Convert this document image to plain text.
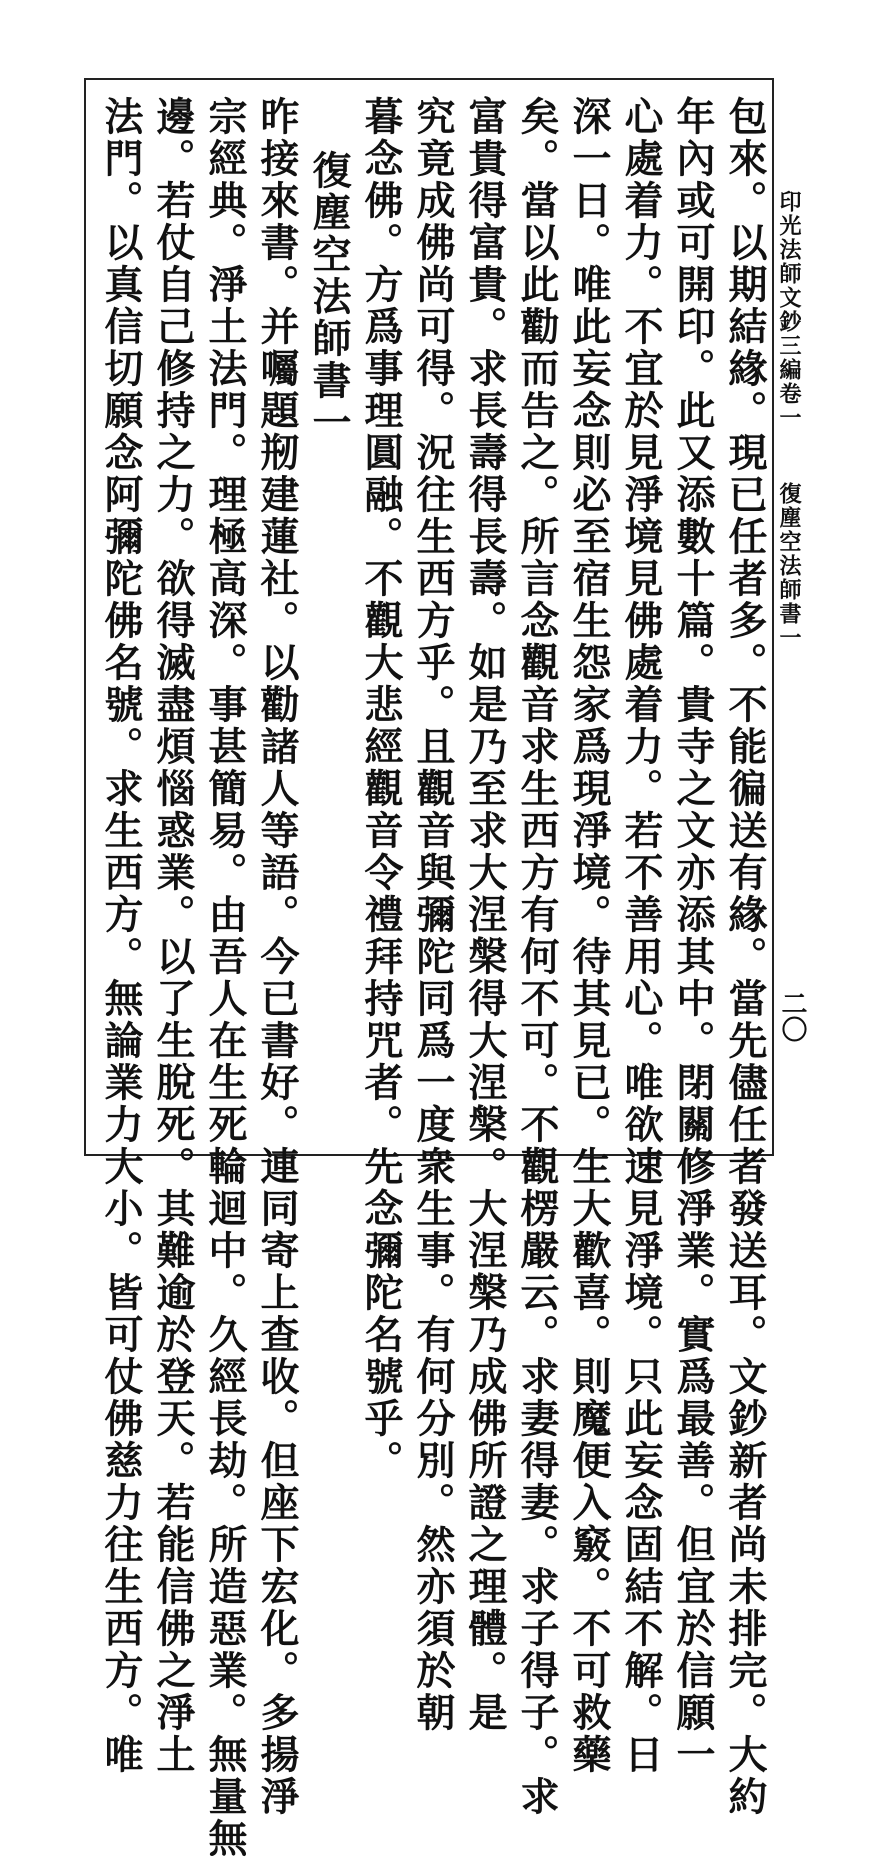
印光法師文鈔三編卷一
復塵空法師書一
二〇
包來。以期結緣。現已任者多。不能徧送有緣。當先儘任者發送耳。文鈔新者尚未排完。大約
年內或可開印。此又添數十篇。貴寺之文亦添其中。閉關修淨業。實爲最善。但宜於信願一
心處着力。不宜於見淨境見佛處着力。若不善用心。唯欲速見淨境。只此妄念固結不解。日
深一日。唯此妄念則必至宿生怨家爲現淨境。待其見已。生大歡喜。則魔便入竅。不可救藥
矣。當以此勸而告之。所言念觀音求生西方有何不可。不觀楞嚴云。求妻得妻。求子得子。求
富貴得富貴。求長壽得長壽。如是乃至求大涅槃得大涅槃。大涅槃乃成佛所證之理體。是
究竟成佛尚可得。況往生西方乎。且觀音與彌陀同爲一度衆生事。有何分別。然亦須於朝
暮念佛。方爲事理圓融。不觀大悲經觀音令禮拜持咒者。先念彌陀名號乎。
復塵空法師書一
昨接來書。并囑題剏建蓮社。以勸諸人等語。今已書好。連同寄上查收。但座下宏化。多揚淨
宗經典。淨土法門。理極高深。事甚簡易。由吾人在生死輪迴中。久經長劫。所造惡業。無量無
邊。若仗自己修持之力。欲得滅盡煩惱惑業。以了生脫死。其難逾於登天。若能信佛之淨土
法門。以真信切願念阿彌陀佛名號。求生西方。無論業力大小。皆可仗佛慈力往生西方。唯
